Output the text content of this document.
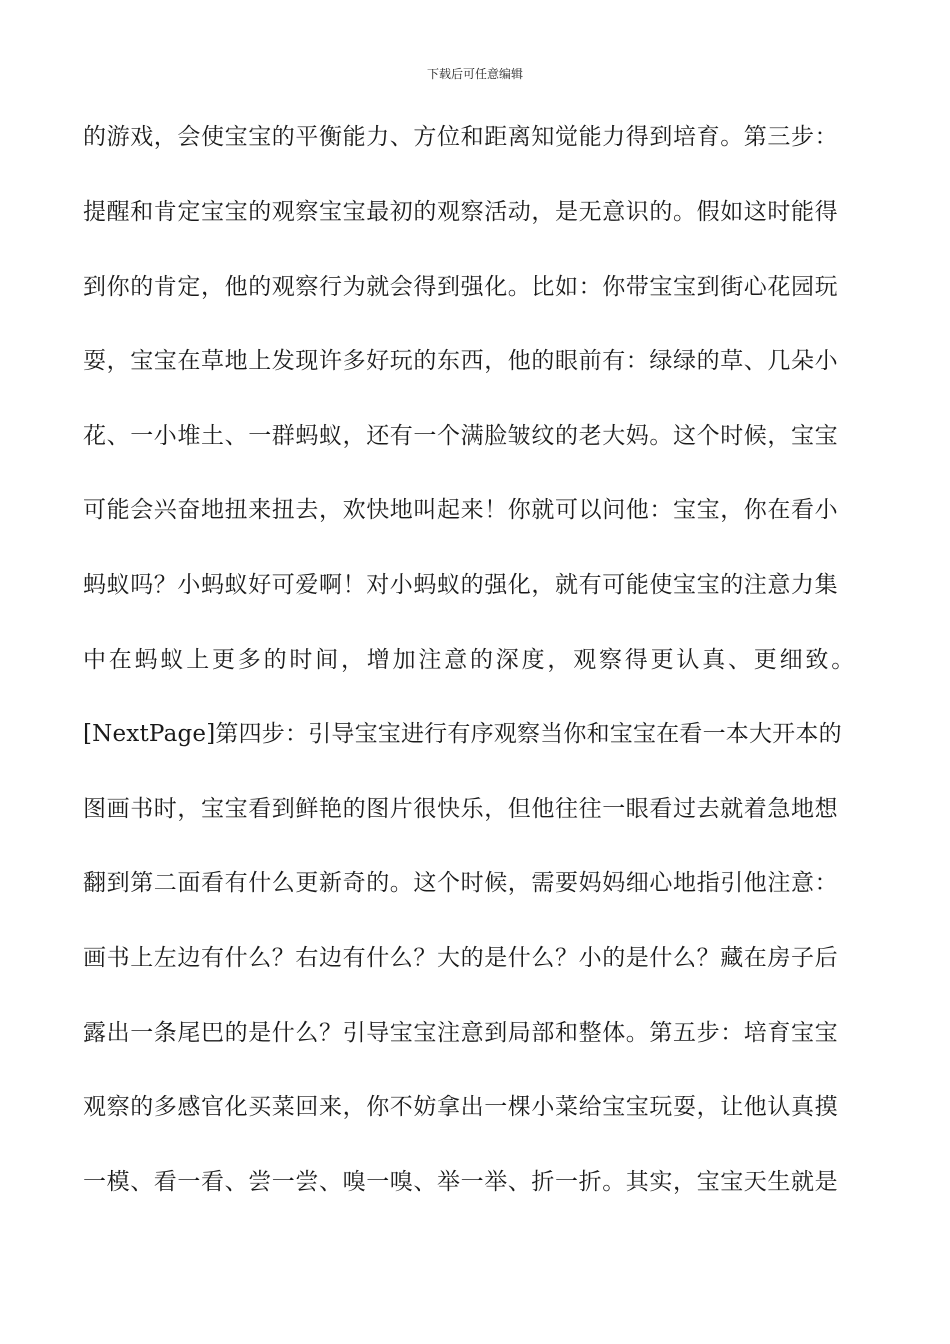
下载后可任意编辑
的游戏，会使宝宝的平衡能力、方位和距离知觉能力得到培育。第三步：
提醒和肯定宝宝的观察宝宝最初的观察活动，是无意识的。假如这时能得
到你的肯定，他的观察行为就会得到强化。比如：你带宝宝到街心花园玩
耍，宝宝在草地上发现许多好玩的东西，他的眼前有：绿绿的草、几朵小
花、一小堆土、一群蚂蚁，还有一个满脸皱纹的老大妈。这个时候，宝宝
可能会兴奋地扭来扭去，欢快地叫起来！你就可以问他：宝宝，你在看小
蚂蚁吗？小蚂蚁好可爱啊！对小蚂蚁的强化，就有可能使宝宝的注意力集
中在蚂蚁上更多的时间，增加注意的深度，观察得更认真、更细致。
[NextPage]第四步：引导宝宝进行有序观察当你和宝宝在看一本大开本的
图画书时，宝宝看到鲜艳的图片很快乐，但他往往一眼看过去就着急地想
翻到第二面看有什么更新奇的。这个时候，需要妈妈细心地指引他注意：
画书上左边有什么？右边有什么？大的是什么？小的是什么？藏在房子后
露出一条尾巴的是什么？引导宝宝注意到局部和整体。第五步：培育宝宝
观察的多感官化买菜回来，你不妨拿出一棵小菜给宝宝玩耍，让他认真摸
一模、看一看、尝一尝、嗅一嗅、举一举、折一折。其实，宝宝天生就是
